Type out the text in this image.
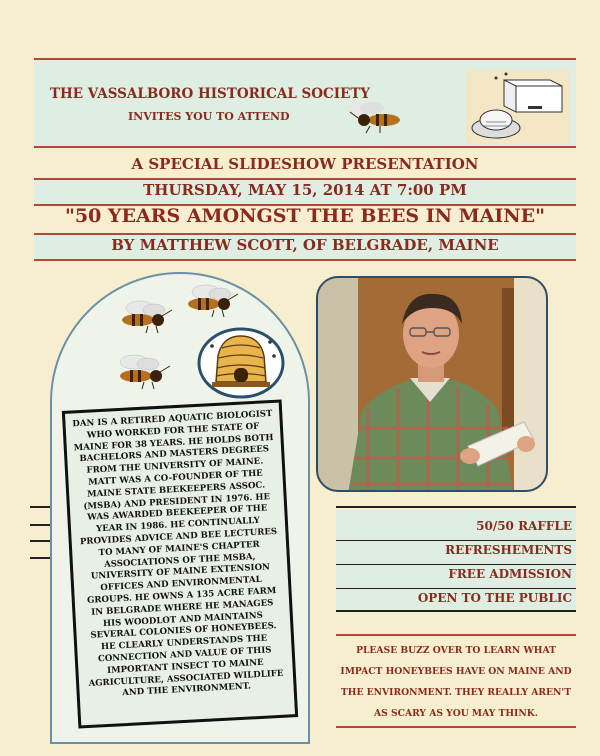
THE VASSALBORO HISTORICAL SOCIETY
INVITES YOU TO ATTEND
A SPECIAL SLIDESHOW PRESENTATION
THURSDAY, MAY 15, 2014 AT 7:00 PM
"50 YEARS AMONGST THE BEES IN MAINE"
BY MATTHEW SCOTT, OF BELGRADE, MAINE
DAN IS A RETIRED AQUATIC BIOLOGIST WHO WORKED FOR THE STATE OF MAINE FOR 38 YEARS. HE HOLDS BOTH BACHELORS AND MASTERS DEGREES FROM THE UNIVERSITY OF MAINE. MATT WAS A CO-FOUNDER OF THE MAINE STATE BEEKEEPERS ASSOC. (MSBA) AND PRESIDENT IN 1976. HE WAS AWARDED BEEKEEPER OF THE YEAR IN 1986. HE CONTINUALLY PROVIDES ADVICE AND BEE LECTURES TO MANY OF MAINE'S CHAPTER ASSOCIATIONS OF THE MSBA, UNIVERSITY OF MAINE EXTENSION OFFICES AND ENVIRONMENTAL GROUPS. HE OWNS A 135 ACRE FARM IN BELGRADE WHERE HE MANAGES HIS WOODLOT AND MAINTAINS SEVERAL COLONIES OF HONEYBEES. HE CLEARLY UNDERSTANDS THE CONNECTION AND VALUE OF THIS IMPORTANT INSECT TO MAINE AGRICULTURE, ASSOCIATED WILDLIFE AND THE ENVIRONMENT.
50/50 RAFFLE
REFRESHEMENTS
FREE ADMISSION
OPEN TO THE PUBLIC
PLEASE BUZZ OVER TO LEARN WHAT
IMPACT HONEYBEES HAVE ON MAINE AND
THE ENVIRONMENT. THEY REALLY AREN'T
AS SCARY AS YOU MAY THINK.
